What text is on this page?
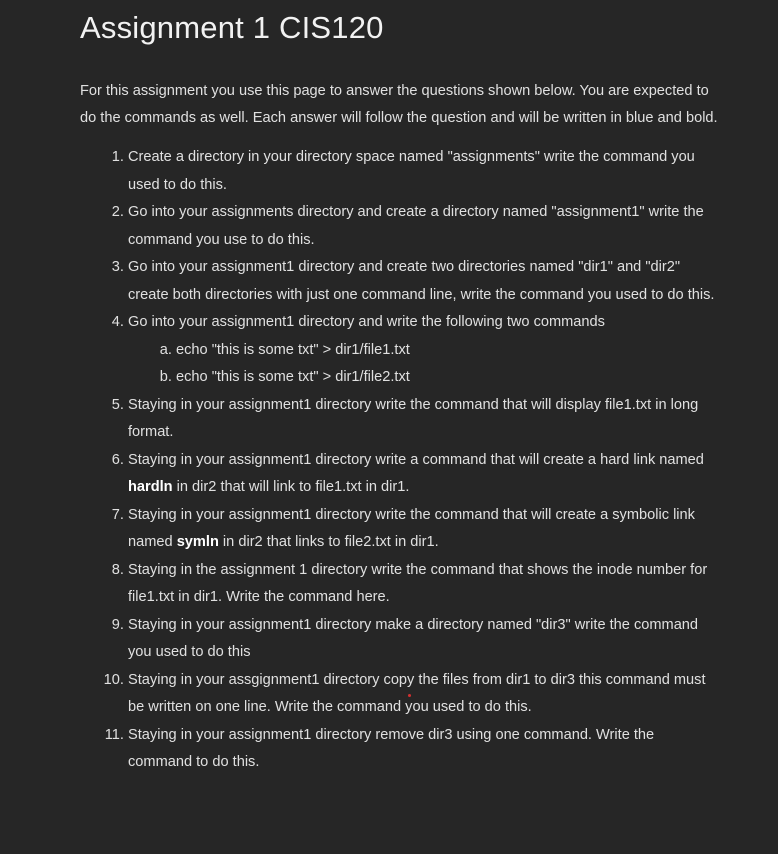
Assignment 1 CIS120

For this assignment you use this page to answer the questions shown below. You are expected to do the commands as well. Each answer will follow the question and will be written in blue and bold.

1. Create a directory in your directory space named "assignments" write the command you used to do this.
2. Go into your assignments directory and create a directory named "assignment1" write the command you use to do this.
3. Go into your assignment1 directory and create two directories named "dir1" and "dir2" create both directories with just one command line, write the command you used to do this.
4. Go into your assignment1 directory and write the following two commands
a. echo "this is some txt" > dir1/file1.txt
b. echo "this is some txt" > dir1/file2.txt
5. Staying in your assignment1 directory write the command that will display file1.txt in long format.
6. Staying in your assignment1 directory write a command that will create a hard link named hardln in dir2 that will link to file1.txt in dir1.
7. Staying in your assignment1 directory write the command that will create a symbolic link named symln in dir2 that links to file2.txt in dir1.
8. Staying in the assignment 1 directory write the command that shows the inode number for file1.txt in dir1. Write the command here.
9. Staying in your assignment1 directory make a directory named "dir3" write the command you used to do this
10. Staying in your assgignment1 directory copy the files from dir1 to dir3 this command must be written on one line. Write the command you used to do this.
11. Staying in your assignment1 directory remove dir3 using one command. Write the command to do this.
